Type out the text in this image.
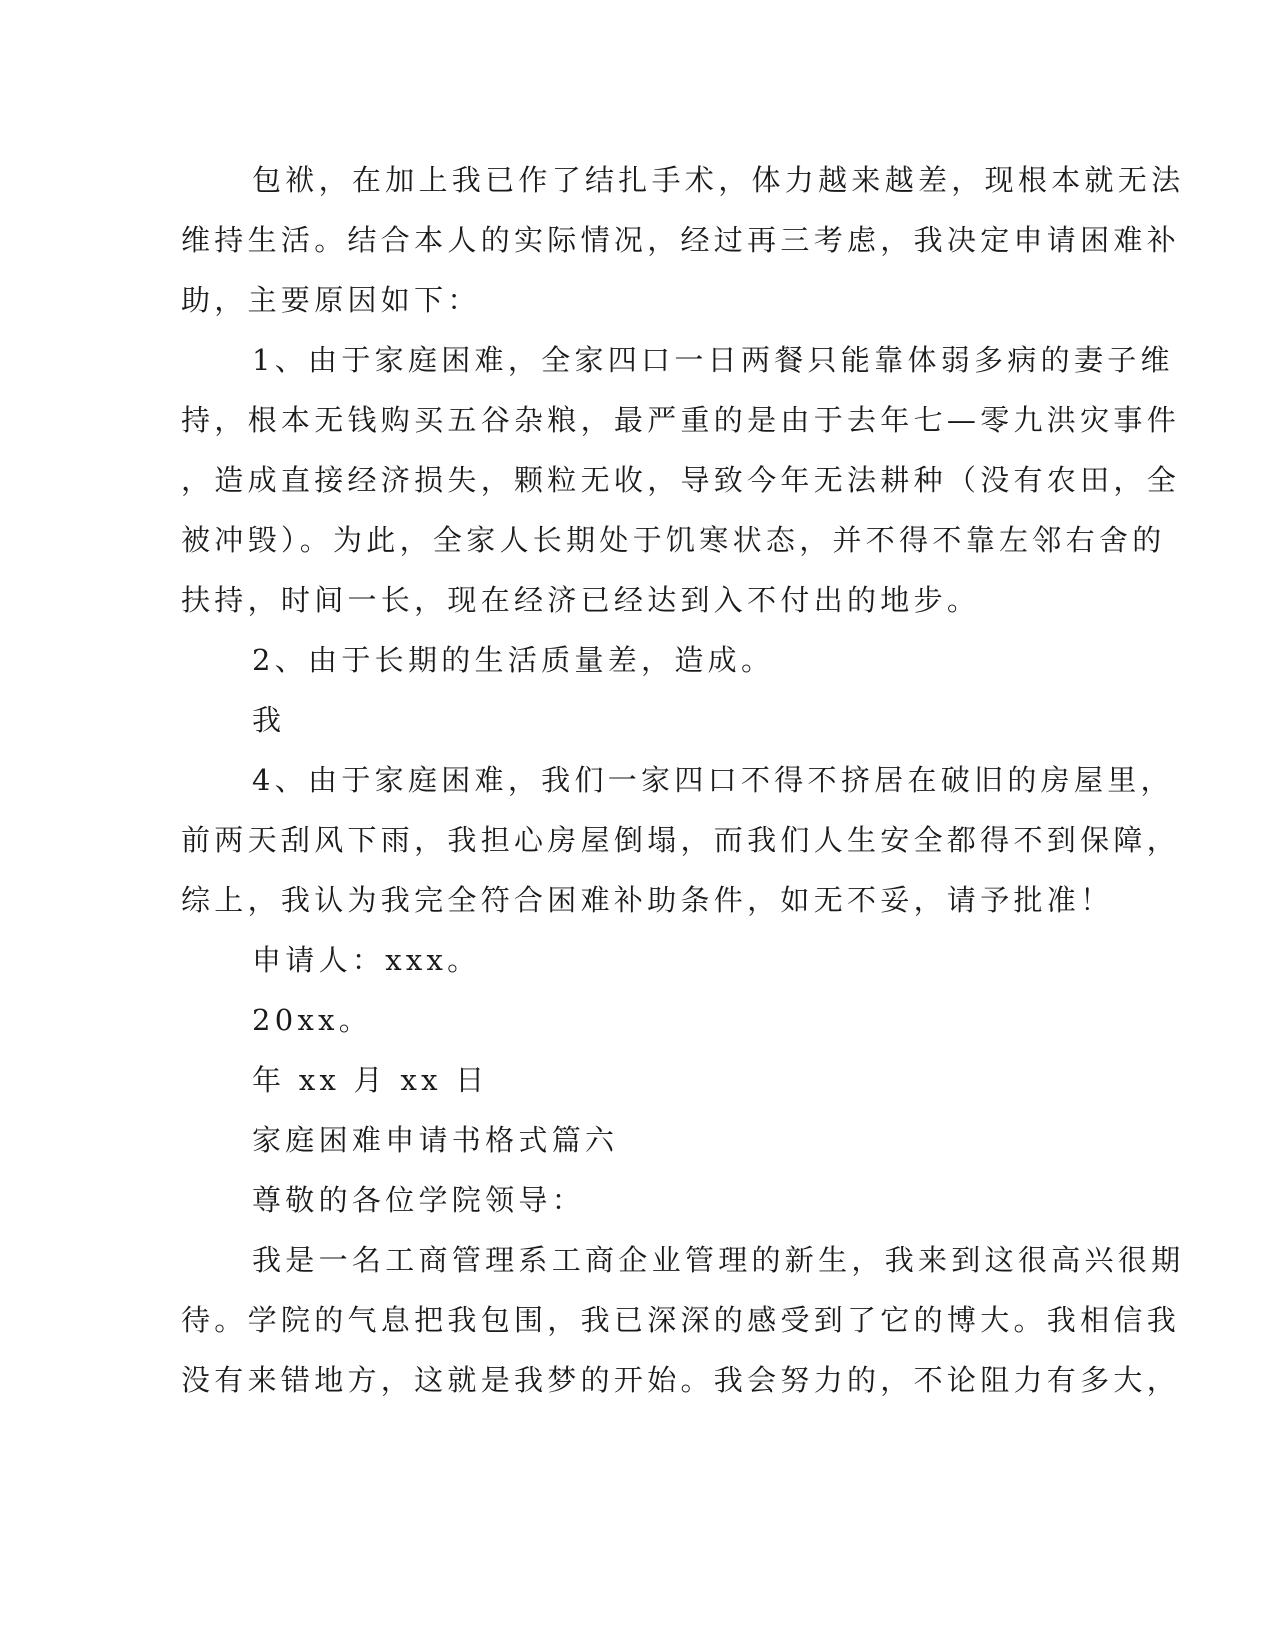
包袱，在加上我已作了结扎手术，体力越来越差，现根本就无法
维持生活。结合本人的实际情况，经过再三考虑，我决定申请困难补
助，主要原因如下：
1、由于家庭困难，全家四口一日两餐只能靠体弱多病的妻子维
持，根本无钱购买五谷杂粮，最严重的是由于去年七—零九洪灾事件
，造成直接经济损失，颗粒无收，导致今年无法耕种（没有农田，全
被冲毁）。为此，全家人长期处于饥寒状态，并不得不靠左邻右舍的
扶持，时间一长，现在经济已经达到入不付出的地步。
2、由于长期的生活质量差，造成。
我
4、由于家庭困难，我们一家四口不得不挤居在破旧的房屋里，
前两天刮风下雨，我担心房屋倒塌，而我们人生安全都得不到保障，
综上，我认为我完全符合困难补助条件，如无不妥，请予批准！
申请人：xxx。
20xx。
年 xx 月 xx 日
家庭困难申请书格式篇六
尊敬的各位学院领导：
我是一名工商管理系工商企业管理的新生，我来到这很高兴很期
待。学院的气息把我包围，我已深深的感受到了它的博大。我相信我
没有来错地方，这就是我梦的开始。我会努力的，不论阻力有多大，
